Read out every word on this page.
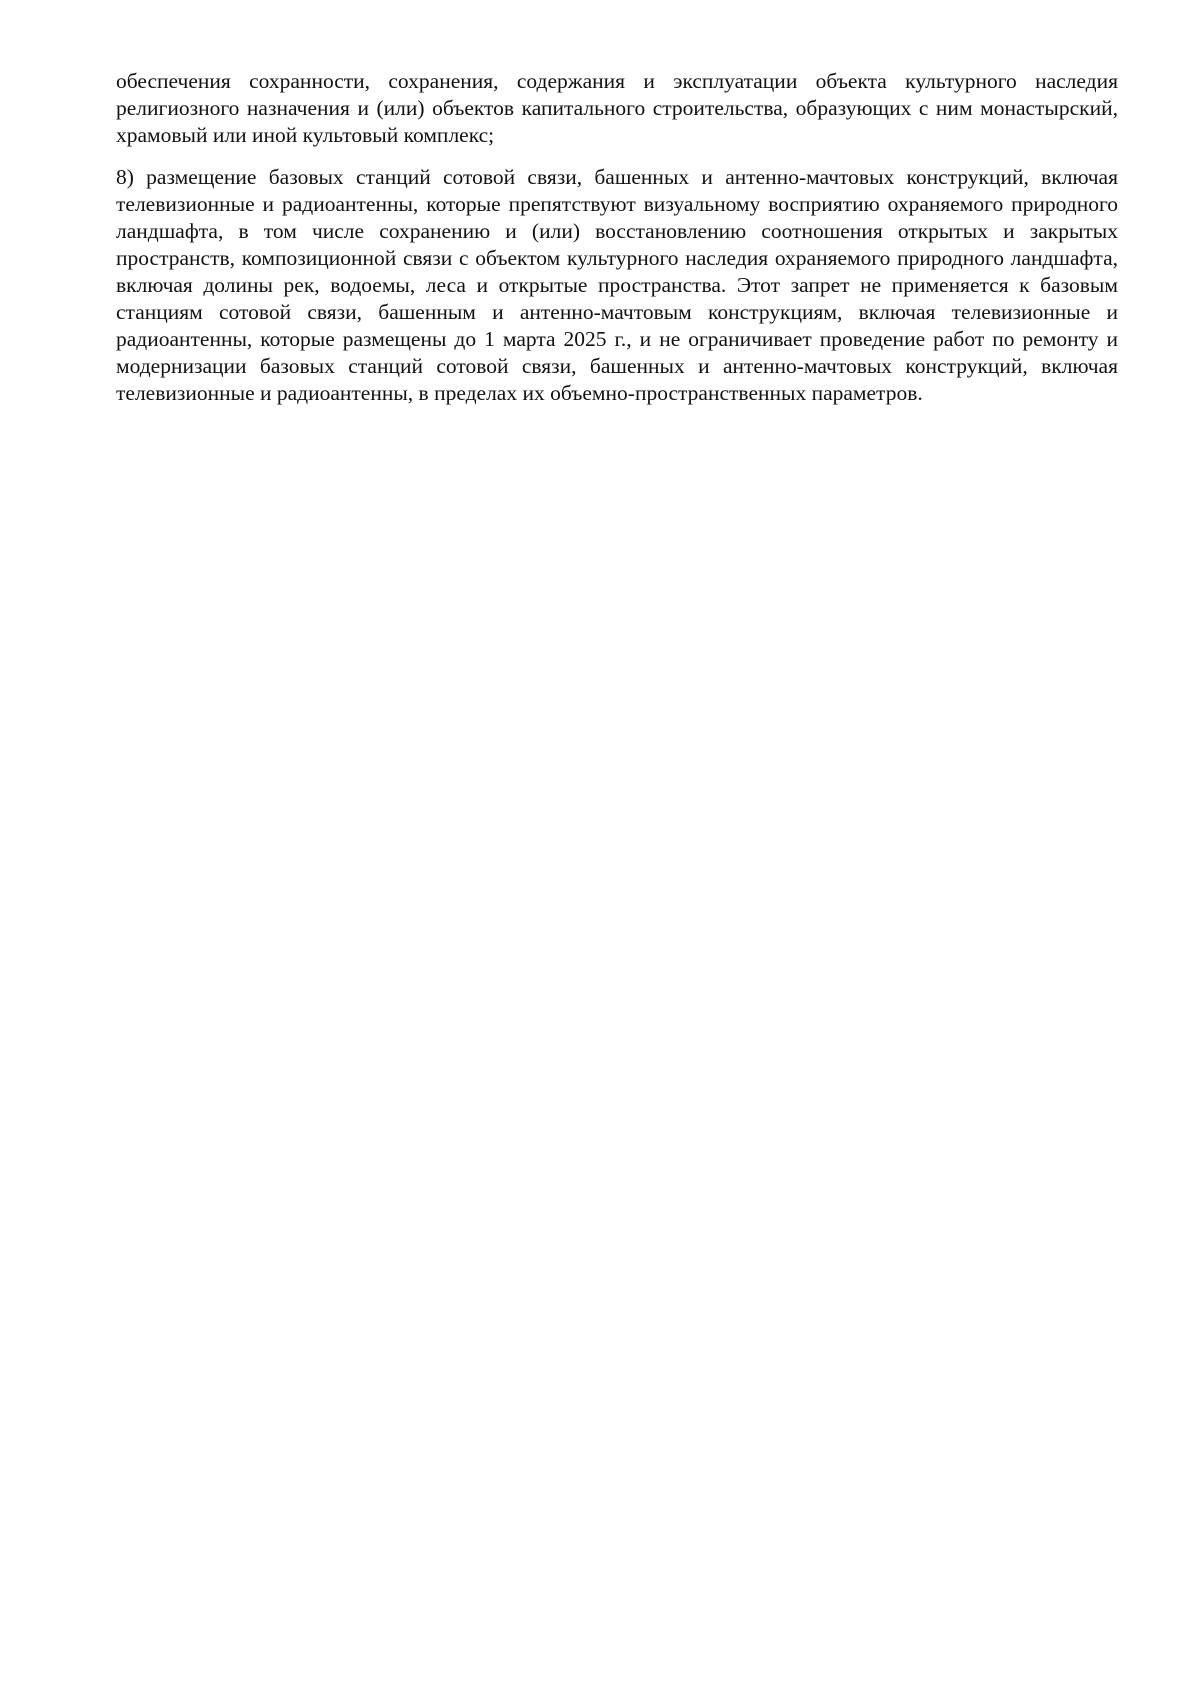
обеспечения сохранности, сохранения, содержания и эксплуатации объекта культурного наследия религиозного назначения и (или) объектов капитального строительства, образующих с ним монастырский, храмовый или иной культовый комплекс;

8) размещение базовых станций сотовой связи, башенных и антенно-мачтовых конструкций, включая телевизионные и радиоантенны, которые препятствуют визуальному восприятию охраняемого природного ландшафта, в том числе сохранению и (или) восстановлению соотношения открытых и закрытых пространств, композиционной связи с объектом культурного наследия охраняемого природного ландшафта, включая долины рек, водоемы, леса и открытые пространства. Этот запрет не применяется к базовым станциям сотовой связи, башенным и антенно-мачтовым конструкциям, включая телевизионные и радиоантенны, которые размещены до 1 марта 2025 г., и не ограничивает проведение работ по ремонту и модернизации базовых станций сотовой связи, башенных и антенно-мачтовых конструкций, включая телевизионные и радиоантенны, в пределах их объемно-пространственных параметров.
